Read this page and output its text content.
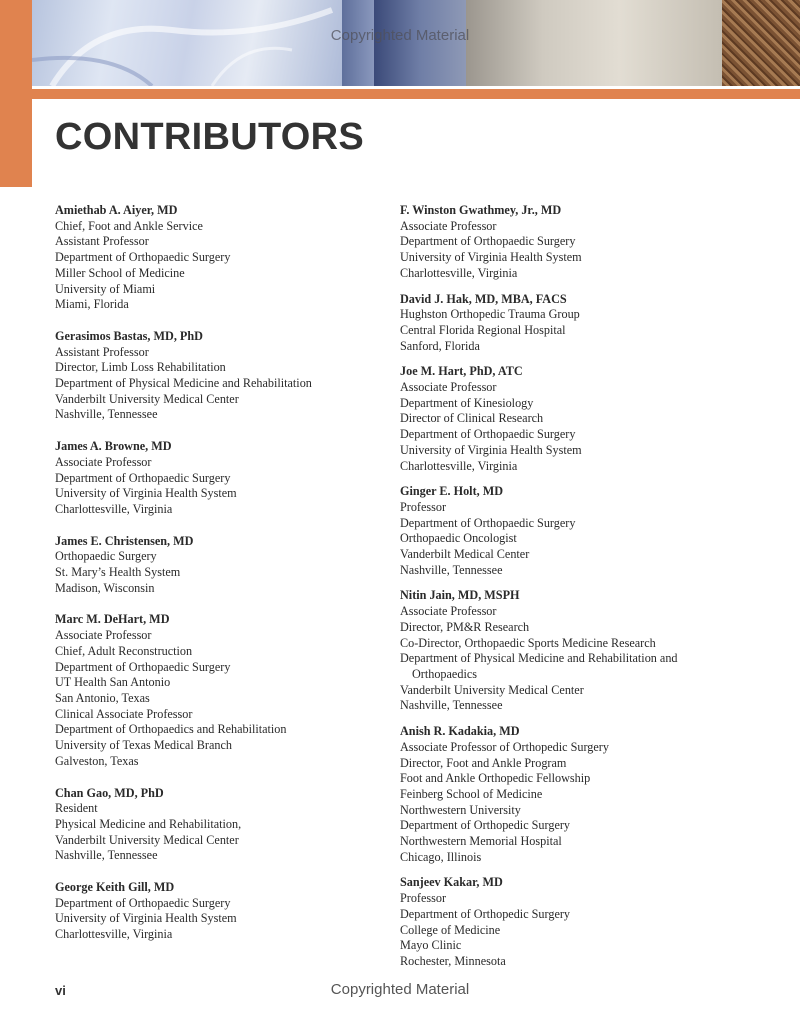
Copyrighted Material
CONTRIBUTORS
Amiethab A. Aiyer, MD
Chief, Foot and Ankle Service
Assistant Professor
Department of Orthopaedic Surgery
Miller School of Medicine
University of Miami
Miami, Florida
Gerasimos Bastas, MD, PhD
Assistant Professor
Director, Limb Loss Rehabilitation
Department of Physical Medicine and Rehabilitation
Vanderbilt University Medical Center
Nashville, Tennessee
James A. Browne, MD
Associate Professor
Department of Orthopaedic Surgery
University of Virginia Health System
Charlottesville, Virginia
James E. Christensen, MD
Orthopaedic Surgery
St. Mary’s Health System
Madison, Wisconsin
Marc M. DeHart, MD
Associate Professor
Chief, Adult Reconstruction
Department of Orthopaedic Surgery
UT Health San Antonio
San Antonio, Texas
Clinical Associate Professor
Department of Orthopaedics and Rehabilitation
University of Texas Medical Branch
Galveston, Texas
Chan Gao, MD, PhD
Resident
Physical Medicine and Rehabilitation,
Vanderbilt University Medical Center
Nashville, Tennessee
George Keith Gill, MD
Department of Orthopaedic Surgery
University of Virginia Health System
Charlottesville, Virginia
F. Winston Gwathmey, Jr., MD
Associate Professor
Department of Orthopaedic Surgery
University of Virginia Health System
Charlottesville, Virginia
David J. Hak, MD, MBA, FACS
Hughston Orthopedic Trauma Group
Central Florida Regional Hospital
Sanford, Florida
Joe M. Hart, PhD, ATC
Associate Professor
Department of Kinesiology
Director of Clinical Research
Department of Orthopaedic Surgery
University of Virginia Health System
Charlottesville, Virginia
Ginger E. Holt, MD
Professor
Department of Orthopaedic Surgery
Orthopaedic Oncologist
Vanderbilt Medical Center
Nashville, Tennessee
Nitin Jain, MD, MSPH
Associate Professor
Director, PM&R Research
Co-Director, Orthopaedic Sports Medicine Research
Department of Physical Medicine and Rehabilitation and
Orthopaedics
Vanderbilt University Medical Center
Nashville, Tennessee
Anish R. Kadakia, MD
Associate Professor of Orthopedic Surgery
Director, Foot and Ankle Program
Foot and Ankle Orthopedic Fellowship
Feinberg School of Medicine
Northwestern University
Department of Orthopedic Surgery
Northwestern Memorial Hospital
Chicago, Illinois
Sanjeev Kakar, MD
Professor
Department of Orthopedic Surgery
College of Medicine
Mayo Clinic
Rochester, Minnesota
vi	Copyrighted Material
